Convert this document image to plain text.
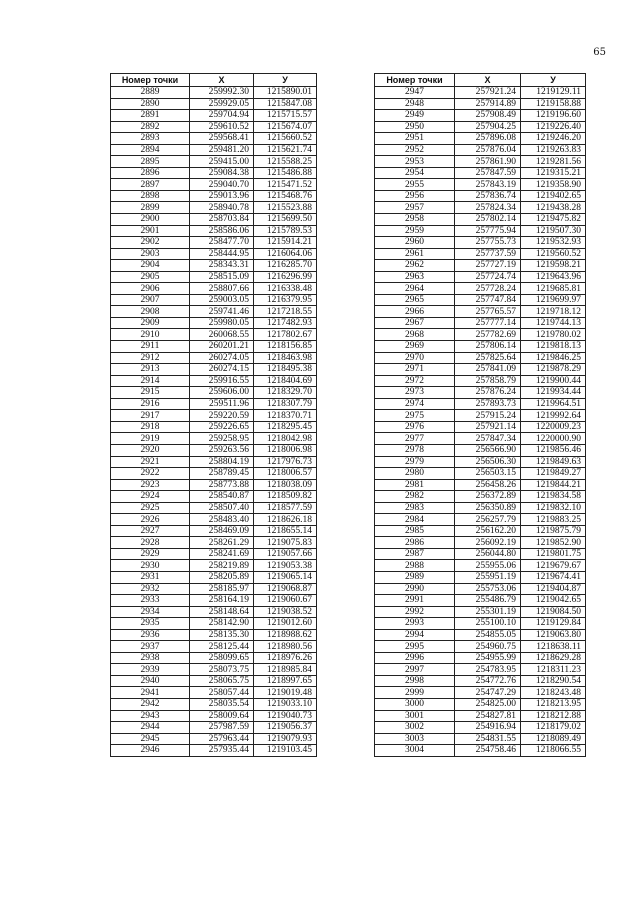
65
Номер точки	X	У
2889	259992.30	1215890.01
2890	259929.05	1215847.08
2891	259704.94	1215715.57
2892	259610.52	1215674.07
2893	259568.41	1215660.52
2894	259481.20	1215621.74
2895	259415.00	1215588.25
2896	259084.38	1215486.88
2897	259040.70	1215471.52
2898	259013.96	1215468.76
2899	258940.78	1215523.88
2900	258703.84	1215699.50
2901	258586.06	1215789.53
2902	258477.70	1215914.21
2903	258444.95	1216064.06
2904	258343.31	1216285.70
2905	258515.09	1216296.99
2906	258807.66	1216338.48
2907	259003.05	1216379.95
2908	259741.46	1217218.55
2909	259980.05	1217482.93
2910	260068.55	1217802.67
2911	260201.21	1218156.85
2912	260274.05	1218463.98
2913	260274.15	1218495.38
2914	259916.55	1218404.69
2915	259606.00	1218329.70
2916	259511.96	1218307.79
2917	259220.59	1218370.71
2918	259226.65	1218295.45
2919	259258.95	1218042.98
2920	259263.56	1218006.98
2921	258804.19	1217976.73
2922	258789.45	1218006.57
2923	258773.88	1218038.09
2924	258540.87	1218509.82
2925	258507.40	1218577.59
2926	258483.40	1218626.18
2927	258469.09	1218655.14
2928	258261.29	1219075.83
2929	258241.69	1219057.66
2930	258219.89	1219053.38
2931	258205.89	1219065.14
2932	258185.97	1219068.87
2933	258164.19	1219060.67
2934	258148.64	1219038.52
2935	258142.90	1219012.60
2936	258135.30	1218988.62
2937	258125.44	1218980.56
2938	258099.65	1218976.26
2939	258073.75	1218985.84
2940	258065.75	1218997.65
2941	258057.44	1219019.48
2942	258035.54	1219033.10
2943	258009.64	1219040.73
2944	257987.59	1219056.37
2945	257963.44	1219079.93
2946	257935.44	1219103.45
Номер точки	X	У
2947	257921.24	1219129.11
2948	257914.89	1219158.88
2949	257908.49	1219196.60
2950	257904.25	1219226.40
2951	257896.08	1219246.20
2952	257876.04	1219263.83
2953	257861.90	1219281.56
2954	257847.59	1219315.21
2955	257843.19	1219358.90
2956	257836.74	1219402.65
2957	257824.34	1219438.28
2958	257802.14	1219475.82
2959	257775.94	1219507.30
2960	257755.73	1219532.93
2961	257737.59	1219560.52
2962	257727.19	1219598.21
2963	257724.74	1219643.96
2964	257728.24	1219685.81
2965	257747.84	1219699.97
2966	257765.57	1219718.12
2967	257777.14	1219744.13
2968	257782.69	1219780.02
2969	257806.14	1219818.13
2970	257825.64	1219846.25
2971	257841.09	1219878.29
2972	257858.79	1219900.44
2973	257876.24	1219934.44
2974	257893.73	1219964.51
2975	257915.24	1219992.64
2976	257921.14	1220009.23
2977	257847.34	1220000.90
2978	256566.90	1219856.46
2979	256506.30	1219849.63
2980	256503.15	1219849.27
2981	256458.26	1219844.21
2982	256372.89	1219834.58
2983	256350.89	1219832.10
2984	256257.79	1219883.25
2985	256162.20	1219875.79
2986	256092.19	1219852.90
2987	256044.80	1219801.75
2988	255955.06	1219679.67
2989	255951.19	1219674.41
2990	255753.06	1219404.87
2991	255486.79	1219042.65
2992	255301.19	1219084.50
2993	255100.10	1219129.84
2994	254855.05	1219063.80
2995	254960.75	1218638.11
2996	254955.99	1218629.28
2997	254783.95	1218311.23
2998	254772.76	1218290.54
2999	254747.29	1218243.48
3000	254825.00	1218213.95
3001	254827.81	1218212.88
3002	254916.94	1218179.02
3003	254831.55	1218089.49
3004	254758.46	1218066.55
